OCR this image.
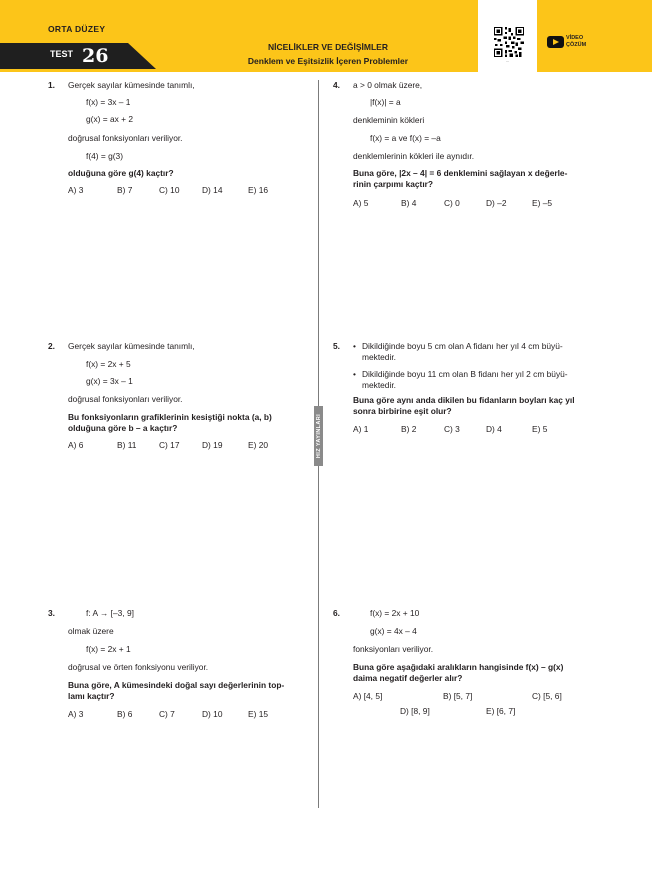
ORTA DÜZEY
TEST 26	NİCELİKLER VE DEĞİŞİMLER
Denklem ve Eşitsizlik İçeren Problemler	...
VİDEO
ÇÖZÜM
HIZ YAYINLARI
1. Gerçek sayılar kümesinde tanımlı,
f(x) = 3x – 1
g(x) = ax + 2
doğrusal fonksiyonları veriliyor.
f(4) = g(3)
olduğuna göre g(4) kaçtır?
A) 3	B) 7	C) 10	D) 14	E) 16
2. Gerçek sayılar kümesinde tanımlı,
f(x) = 2x + 5
g(x) = 3x – 1
doğrusal fonksiyonları veriliyor.
Bu fonksiyonların grafiklerinin kesiştiği nokta (a, b)
olduğuna göre b – a kaçtır?
A) 6	B) 11	C) 17	D) 19	E) 20
3.	f: A → [–3, 9]
olmak üzere
f(x) = 2x + 1
doğrusal ve örten fonksiyonu veriliyor.
Buna göre, A kümesindeki doğal sayı değerlerinin top-
lamı kaçtır?
A) 3	B) 6	C) 7	D) 10	E) 15
4. a > 0 olmak üzere,
|f(x)| = a
denkleminin kökleri
f(x) = a ve f(x) = –a
denklemlerinin kökleri ile aynıdır.
Buna göre, |2x – 4| = 6 denklemini sağlayan x değerle-
rinin çarpımı kaçtır?
A) 5	B) 4	C) 0	D) –2	E) –5
5. • Dikildiğinde boyu 5 cm olan A fidanı her yıl 4 cm büyü-
mektedir.
• Dikildiğinde boyu 11 cm olan B fidanı her yıl 2 cm büyü-
mektedir.
Buna göre aynı anda dikilen bu fidanların boyları kaç yıl
sonra birbirine eşit olur?
A) 1	B) 2	C) 3	D) 4	E) 5
6.	f(x) = 2x + 10
g(x) = 4x – 4
fonksiyonları veriliyor.
Buna göre aşağıdaki aralıkların hangisinde f(x) – g(x)
daima negatif değerler alır?
A) [4, 5]	B) [5, 7]	C) [5, 6]
D) [8, 9]	E) [6, 7]
